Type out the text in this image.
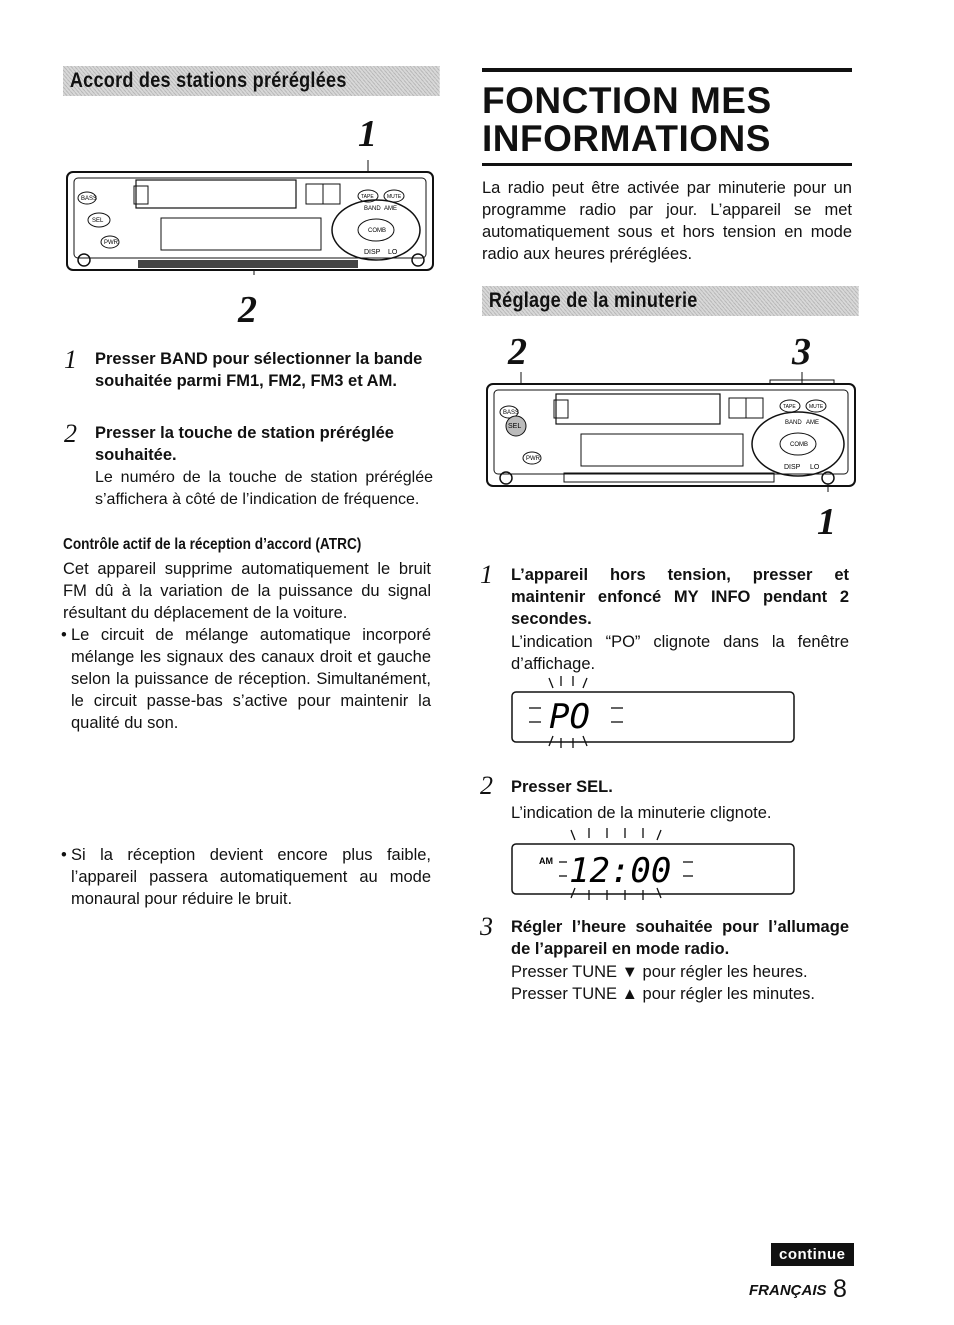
Accord des stations préréglées
1
BASS
SEL
PWR
TAPE	MUTE
COMB
BAND AME
DISP LO
2
1 Presser BAND pour sélectionner la bande souhaitée parmi FM1, FM2, FM3 et AM.
2 Presser la touche de station préréglée souhaitée.
Le numéro de la touche de station préréglée s’affichera à côté de l’indication de fréquence.
Contrôle actif de la réception d’accord (ATRC)
Cet appareil supprime automatiquement le bruit FM dû à la variation de la puissance du signal résultant du déplacement de la voiture.
• Le circuit de mélange automatique incorporé mélange les signaux des canaux droit et gauche selon la puissance de réception. Simultanément, le circuit passe-bas s’active pour maintenir la qualité du son.
• Si la réception devient encore plus faible, l’appareil passera automatiquement au mode monaural pour réduire le bruit.
FONCTION MES
INFORMATIONS
La radio peut être activée par minuterie pour un programme radio par jour. L’appareil se met automatiquement sous et hors tension en mode radio aux heures préréglées.
Réglage de la minuterie
2	3
BASS
SEL
PWR
TAPE	MUTE
COMB
BAND AME
DISP LO
1
1 L’appareil hors tension, presser et maintenir enfoncé MY INFO pendant 2 secondes.
L’indication “PO” clignote dans la fenêtre d’affichage.
PO
2 Presser SEL.
L’indication de la minuterie clignote.
AM 12:00
3 Régler l’heure souhaitée pour l’allumage de l’appareil en mode radio.
Presser TUNE ▼ pour régler les heures.
Presser TUNE ▲ pour régler les minutes.
continue
FRANÇAIS 8
